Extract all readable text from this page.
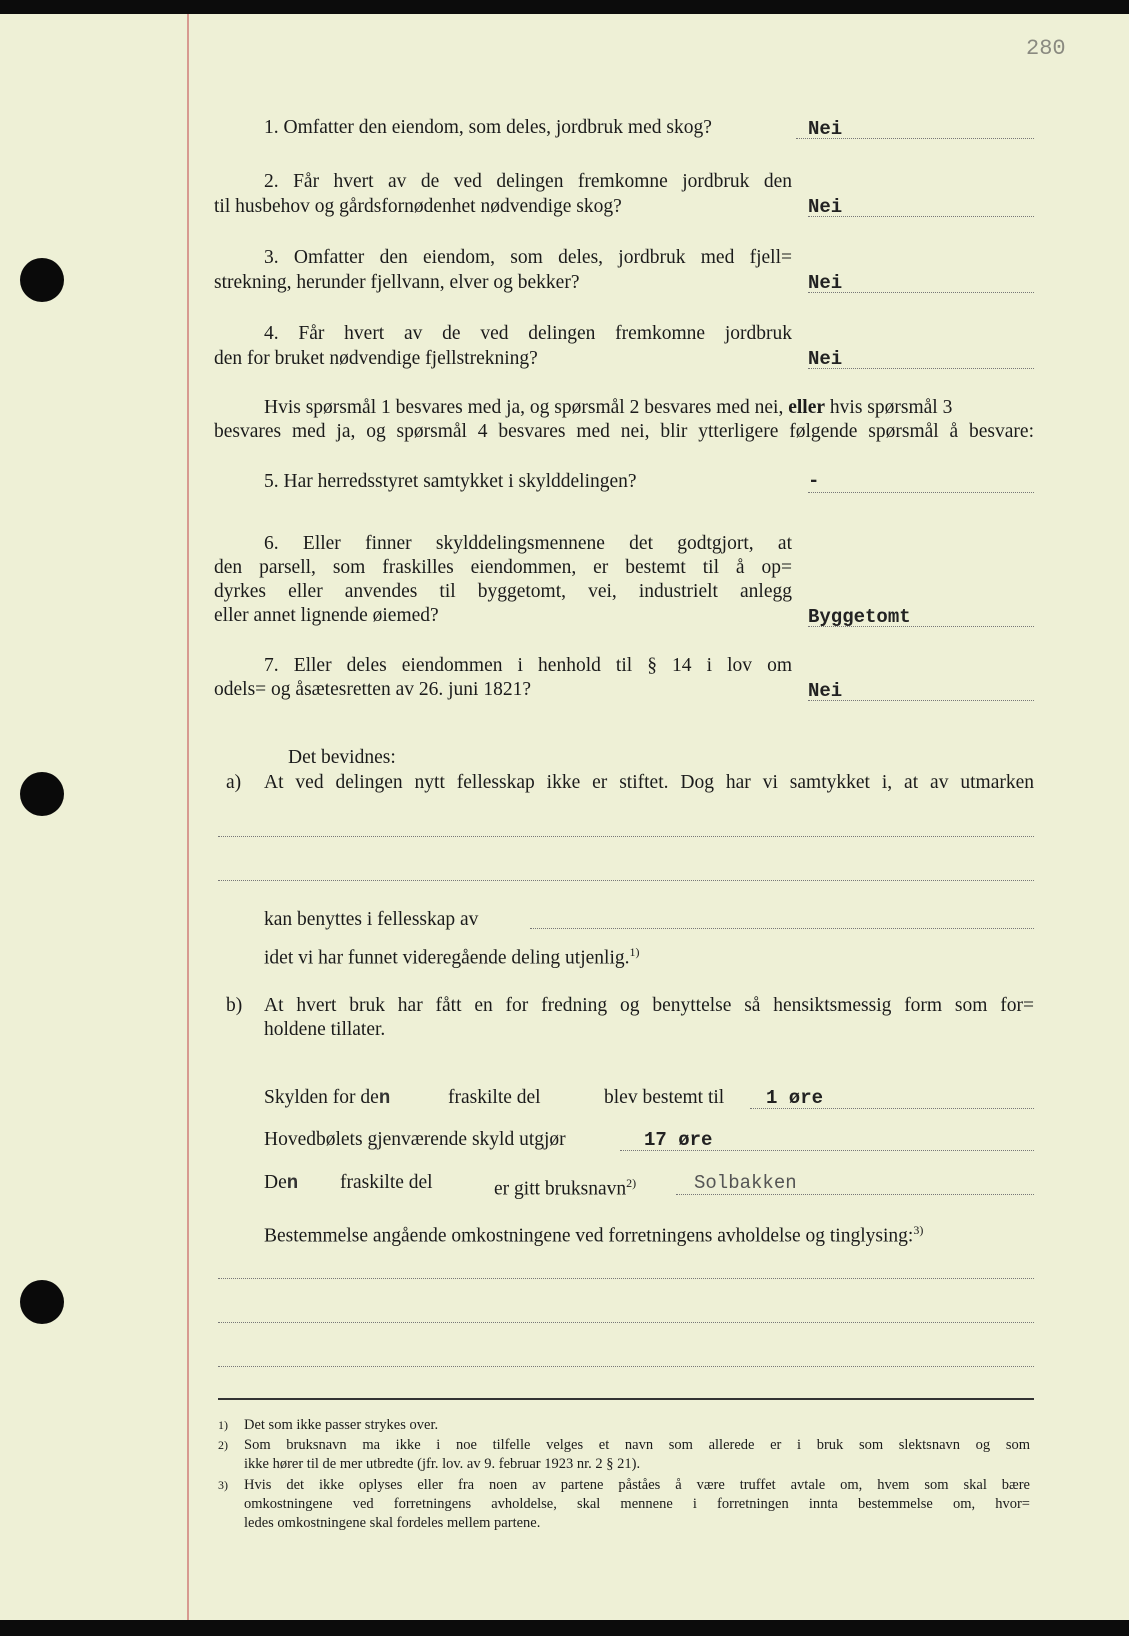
280
1. Omfatter den eiendom, som deles, jordbruk med skog?	Nei
2. Får hvert av de ved delingen fremkomne jordbruk den
til husbehov og gårdsfornødenhet nødvendige skog?	Nei
3. Omfatter den eiendom, som deles, jordbruk med fjell=
strekning, herunder fjellvann, elver og bekker?	Nei
4. Får hvert av de ved delingen fremkomne jordbruk
den for bruket nødvendige fjellstrekning?	Nei
Hvis spørsmål 1 besvares med ja, og spørsmål 2 besvares med nei, eller hvis spørsmål 3
besvares med ja, og spørsmål 4 besvares med nei, blir ytterligere følgende spørsmål å besvare:
5. Har herredsstyret samtykket i skylddelingen?	-
6. Eller finner skylddelingsmennene det godtgjort, at
den parsell, som fraskilles eiendommen, er bestemt til å op=
dyrkes eller anvendes til byggetomt, vei, industrielt anlegg
eller annet lignende øiemed?	Byggetomt
7. Eller deles eiendommen i henhold til § 14 i lov om
odels= og åsætesretten av 26. juni 1821?	Nei
Det bevidnes:
a) At ved delingen nytt fellesskap ikke er stiftet. Dog har vi samtykket i, at av utmarken
kan benyttes i fellesskap av
idet vi har funnet videregående deling utjenlig.$^{1)}$
b) At hvert bruk har fått en for fredning og benyttelse så hensiktsmessig form som for=
holdene tillater.
Skylden for den	fraskilte del	blev bestemt til 1 øre
Hovedbølets gjenværende skyld utgjør	17 øre
Den fraskilte del	er gitt bruksnavn$^{2)}$	Solbakken
Bestemmelse angående omkostningene ved forretningens avholdelse og tinglysing:$^{3)}$
1) Det som ikke passer strykes over.
2) Som bruksnavn ma ikke i noe tilfelle velges et navn som allerede er i bruk som slektsnavn og som
ikke hører til de mer utbredte (jfr. lov. av 9. februar 1923 nr. 2 § 21).
3) Hvis det ikke oplyses eller fra noen av partene påståes å være truffet avtale om, hvem som skal bære
omkostningene ved forretningens avholdelse, skal mennene i forretningen innta bestemmelse om, hvor=
ledes omkostningene skal fordeles mellem partene.
